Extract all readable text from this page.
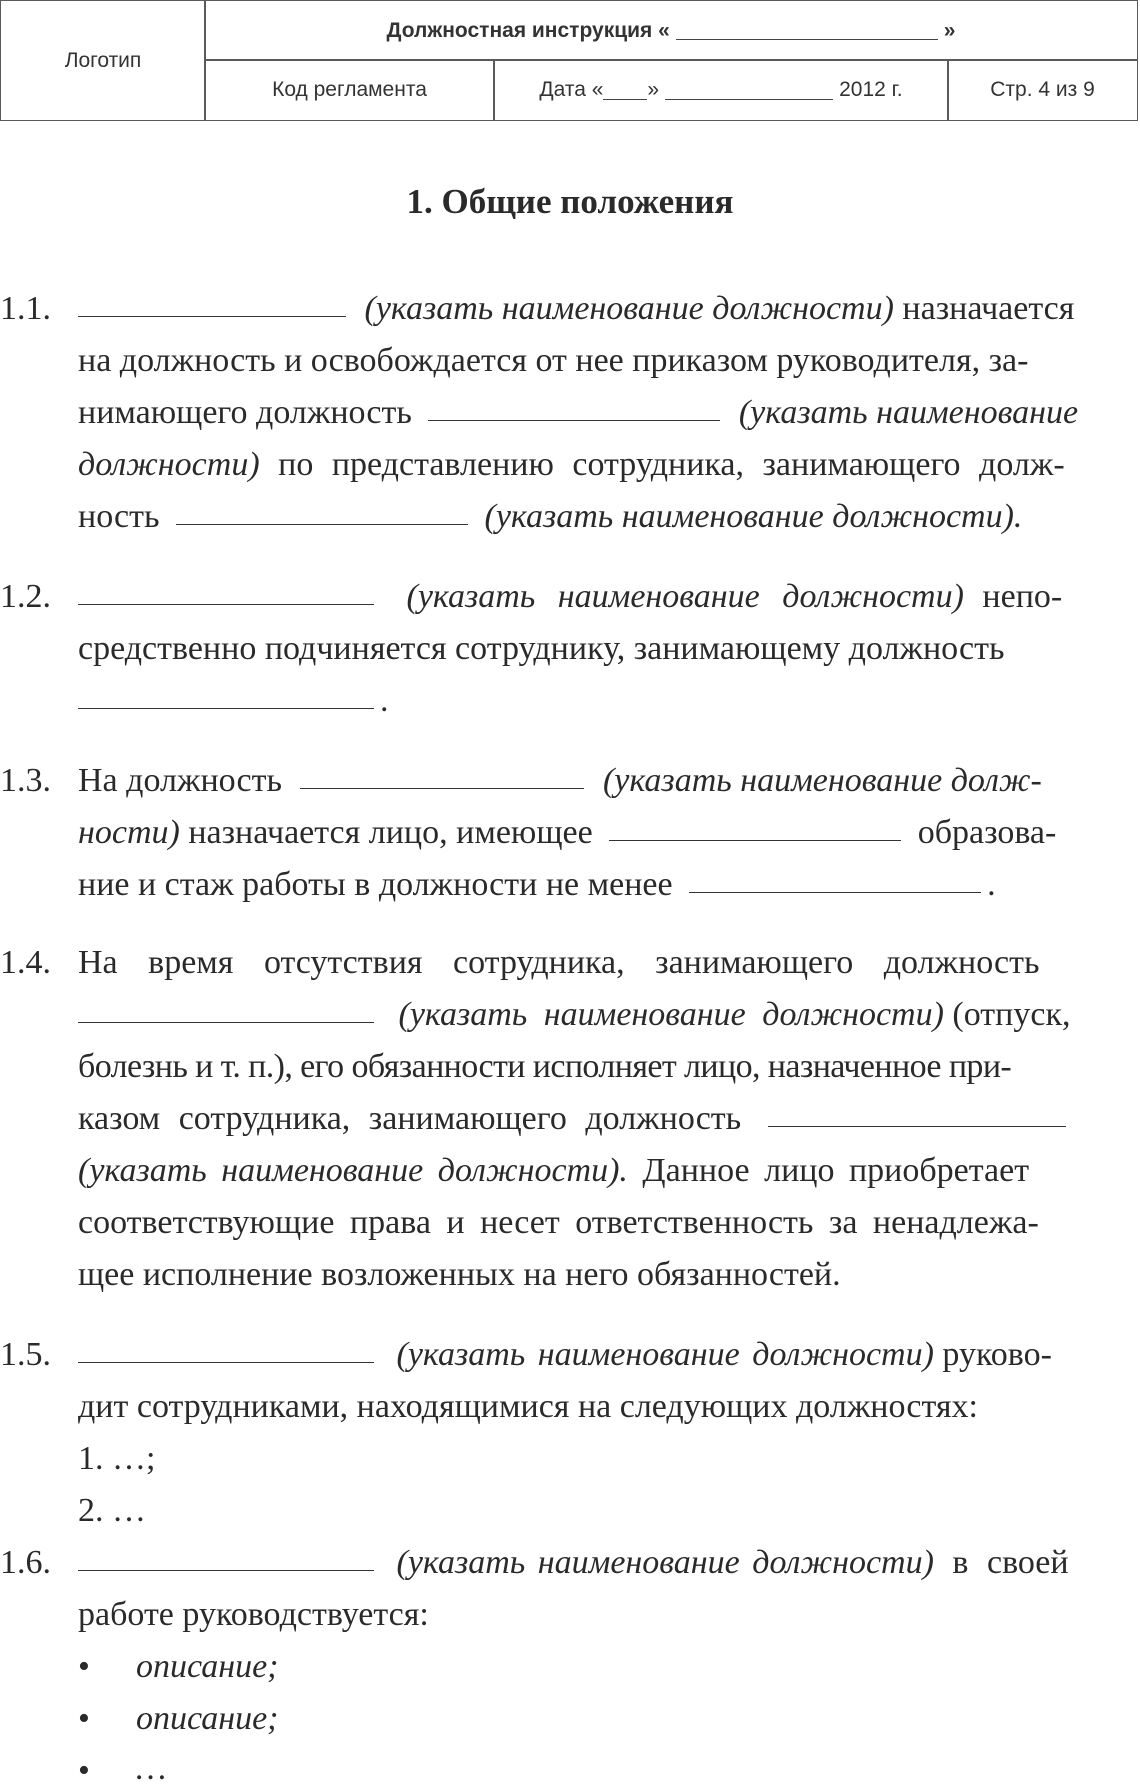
Логотип
Должностная инструкция «	»
Код регламента	Дата « »	2012 г.	Стр. 4 из 9
1. Общие положения
1.1.	(указать наименование должности) назначается
на должность и освобождается от нее приказом руководителя, за-
нимающего должность	(указать наименование
должности) по представлению сотрудника, занимающего долж-
ность	(указать наименование должности).
1.2.	(указать наименование должности) непо-
средственно подчиняется сотруднику, занимающему должность
.
1.3. На должность	(указать наименование долж-
ности) назначается лицо, имеющее	образова-
ние и стаж работы в должности не менее	.
1.4. На время отсутствия сотрудника, занимающего должность
(указать наименование должности) (отпуск,
болезнь и т. п.), его обязанности исполняет лицо, назначенное при-
казом сотрудника, занимающего должность
(указать наименование должности). Данное лицо приобретает
соответствующие права и несет ответственность за ненадлежа-
щее исполнение возложенных на него обязанностей.
1.5.	(указать наименование должности) руково-
дит сотрудниками, находящимися на следующих должностях:
1. …;
2. …
1.6.	(указать наименование должности) в своей
работе руководствуется:
• описание;
• описание;
• …
